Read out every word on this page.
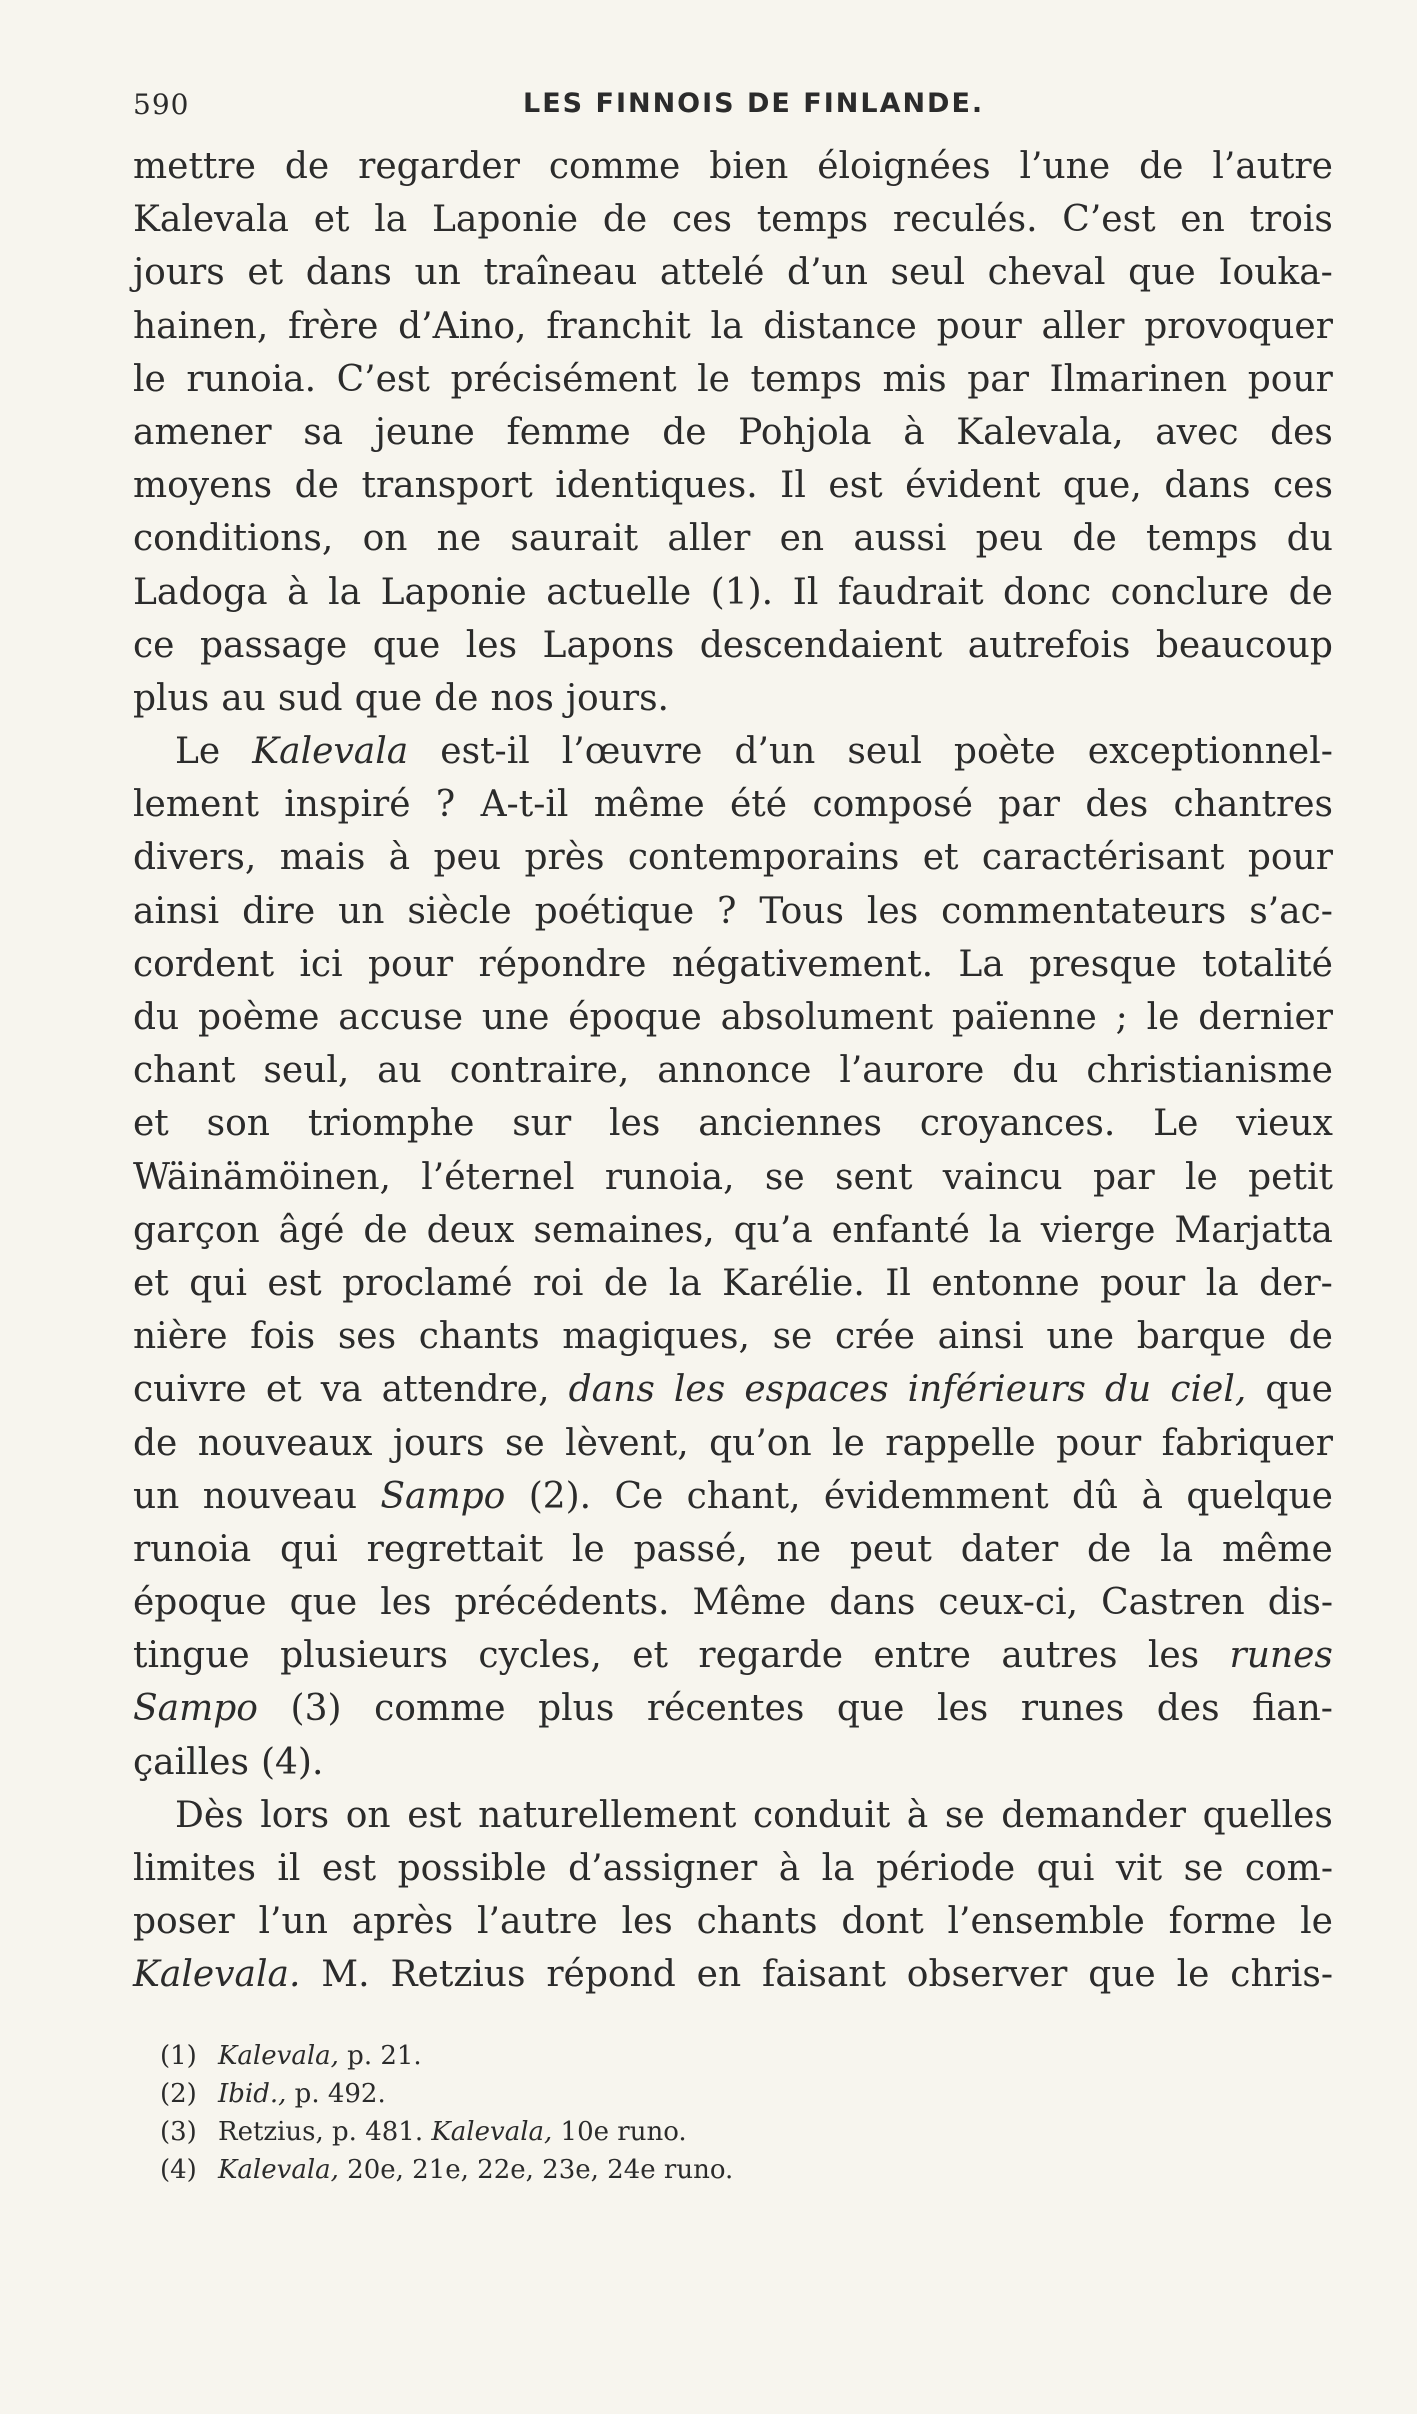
590	LES FINNOIS DE FINLANDE.
mettre de regarder comme bien éloignées l’une de l’autre
Kalevala et la Laponie de ces temps reculés. C’est en trois
jours et dans un traîneau attelé d’un seul cheval que Iouka-
hainen, frère d’Aino, franchit la distance pour aller provoquer
le runoia. C’est précisément le temps mis par Ilmarinen pour
amener sa jeune femme de Pohjola à Kalevala, avec des
moyens de transport identiques. Il est évident que, dans ces
conditions, on ne saurait aller en aussi peu de temps du
Ladoga à la Laponie actuelle (1). Il faudrait donc conclure de
ce passage que les Lapons descendaient autrefois beaucoup
plus au sud que de nos jours.
Le Kalevala est-il l’œuvre d’un seul poète exceptionnel-
lement inspiré ? A-t-il même été composé par des chantres
divers, mais à peu près contemporains et caractérisant pour
ainsi dire un siècle poétique ? Tous les commentateurs s’ac-
cordent ici pour répondre négativement. La presque totalité
du poème accuse une époque absolument païenne ; le dernier
chant seul, au contraire, annonce l’aurore du christianisme
et son triomphe sur les anciennes croyances. Le vieux
Wäinämöinen, l’éternel runoia, se sent vaincu par le petit
garçon âgé de deux semaines, qu’a enfanté la vierge Marjatta
et qui est proclamé roi de la Karélie. Il entonne pour la der-
nière fois ses chants magiques, se crée ainsi une barque de
cuivre et va attendre, dans les espaces inférieurs du ciel, que
de nouveaux jours se lèvent, qu’on le rappelle pour fabriquer
un nouveau Sampo (2). Ce chant, évidemment dû à quelque
runoia qui regrettait le passé, ne peut dater de la même
époque que les précédents. Même dans ceux-ci, Castren dis-
tingue plusieurs cycles, et regarde entre autres les runes
Sampo (3) comme plus récentes que les runes des fian-
çailles (4).
Dès lors on est naturellement conduit à se demander quelles
limites il est possible d’assigner à la période qui vit se com-
poser l’un après l’autre les chants dont l’ensemble forme le
Kalevala. M. Retzius répond en faisant observer que le chris-
(1) Kalevala, p. 21.
(2) Ibid., p. 492.
(3) Retzius, p. 481. Kalevala, 10e runo.
(4) Kalevala, 20e, 21e, 22e, 23e, 24e runo.
